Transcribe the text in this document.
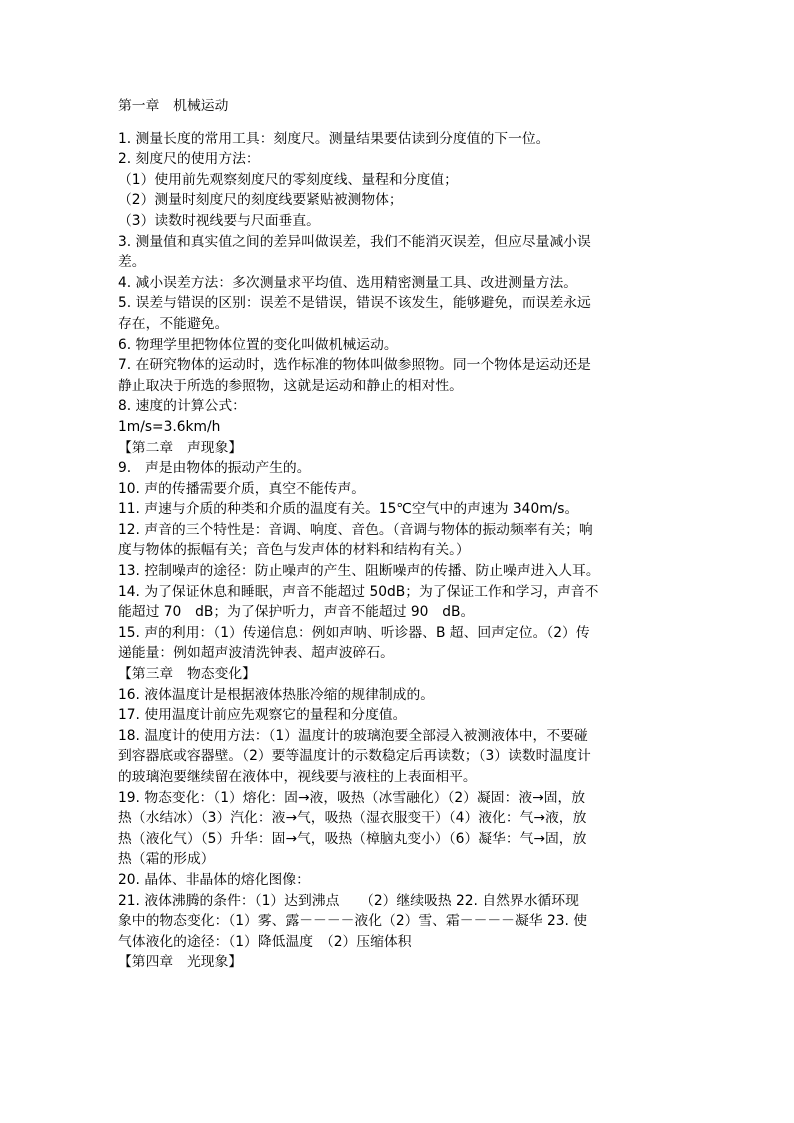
第一章　机械运动
1. 测量长度的常用工具：刻度尺。测量结果要估读到分度值的下一位。
2. 刻度尺的使用方法：
（1）使用前先观察刻度尺的零刻度线、量程和分度值；
（2）测量时刻度尺的刻度线要紧贴被测物体；
（3）读数时视线要与尺面垂直。
3. 测量值和真实值之间的差异叫做误差，我们不能消灭误差，但应尽量减小误
差。
4. 减小误差方法：多次测量求平均值、选用精密测量工具、改进测量方法。
5. 误差与错误的区别：误差不是错误，错误不该发生，能够避免，而误差永远
存在，不能避免。
6. 物理学里把物体位置的变化叫做机械运动。
7. 在研究物体的运动时，选作标准的物体叫做参照物。同一个物体是运动还是
静止取决于所选的参照物，这就是运动和静止的相对性。
8. 速度的计算公式：
1m/s=3.6km/h
【第二章　声现象】
9.　声是由物体的振动产生的。
10. 声的传播需要介质，真空不能传声。
11. 声速与介质的种类和介质的温度有关。15℃空气中的声速为 340m/s。
12. 声音的三个特性是：音调、响度、音色。（音调与物体的振动频率有关；响
度与物体的振幅有关；音色与发声体的材料和结构有关。）
13. 控制噪声的途径：防止噪声的产生、阻断噪声的传播、防止噪声进入人耳。
14. 为了保证休息和睡眠，声音不能超过 50dB；为了保证工作和学习，声音不
能超过 70　dB；为了保护听力，声音不能超过 90　dB。
15. 声的利用：（1）传递信息：例如声呐、听诊器、B 超、回声定位。（2）传
递能量：例如超声波清洗钟表、超声波碎石。
【第三章　物态变化】
16. 液体温度计是根据液体热胀冷缩的规律制成的。
17. 使用温度计前应先观察它的量程和分度值。
18. 温度计的使用方法：（1）温度计的玻璃泡要全部浸入被测液体中，不要碰
到容器底或容器壁。（2）要等温度计的示数稳定后再读数；（3）读数时温度计
的玻璃泡要继续留在液体中，视线要与液柱的上表面相平。
19. 物态变化：（1）熔化：固→液，吸热（冰雪融化）（2）凝固：液→固，放
热（水结冰）（3）汽化：液→气，吸热（湿衣服变干）（4）液化：气→液，放
热（液化气）（5）升华：固→气，吸热（樟脑丸变小）（6）凝华：气→固，放
热（霜的形成）
20. 晶体、非晶体的熔化图像：
21. 液体沸腾的条件：（1）达到沸点　　（2）继续吸热 22. 自然界水循环现
象中的物态变化：（1）雾、露－－－－液化（2）雪、霜－－－－凝华 23. 使
气体液化的途径：（1）降低温度　（2）压缩体积
【第四章　光现象】
